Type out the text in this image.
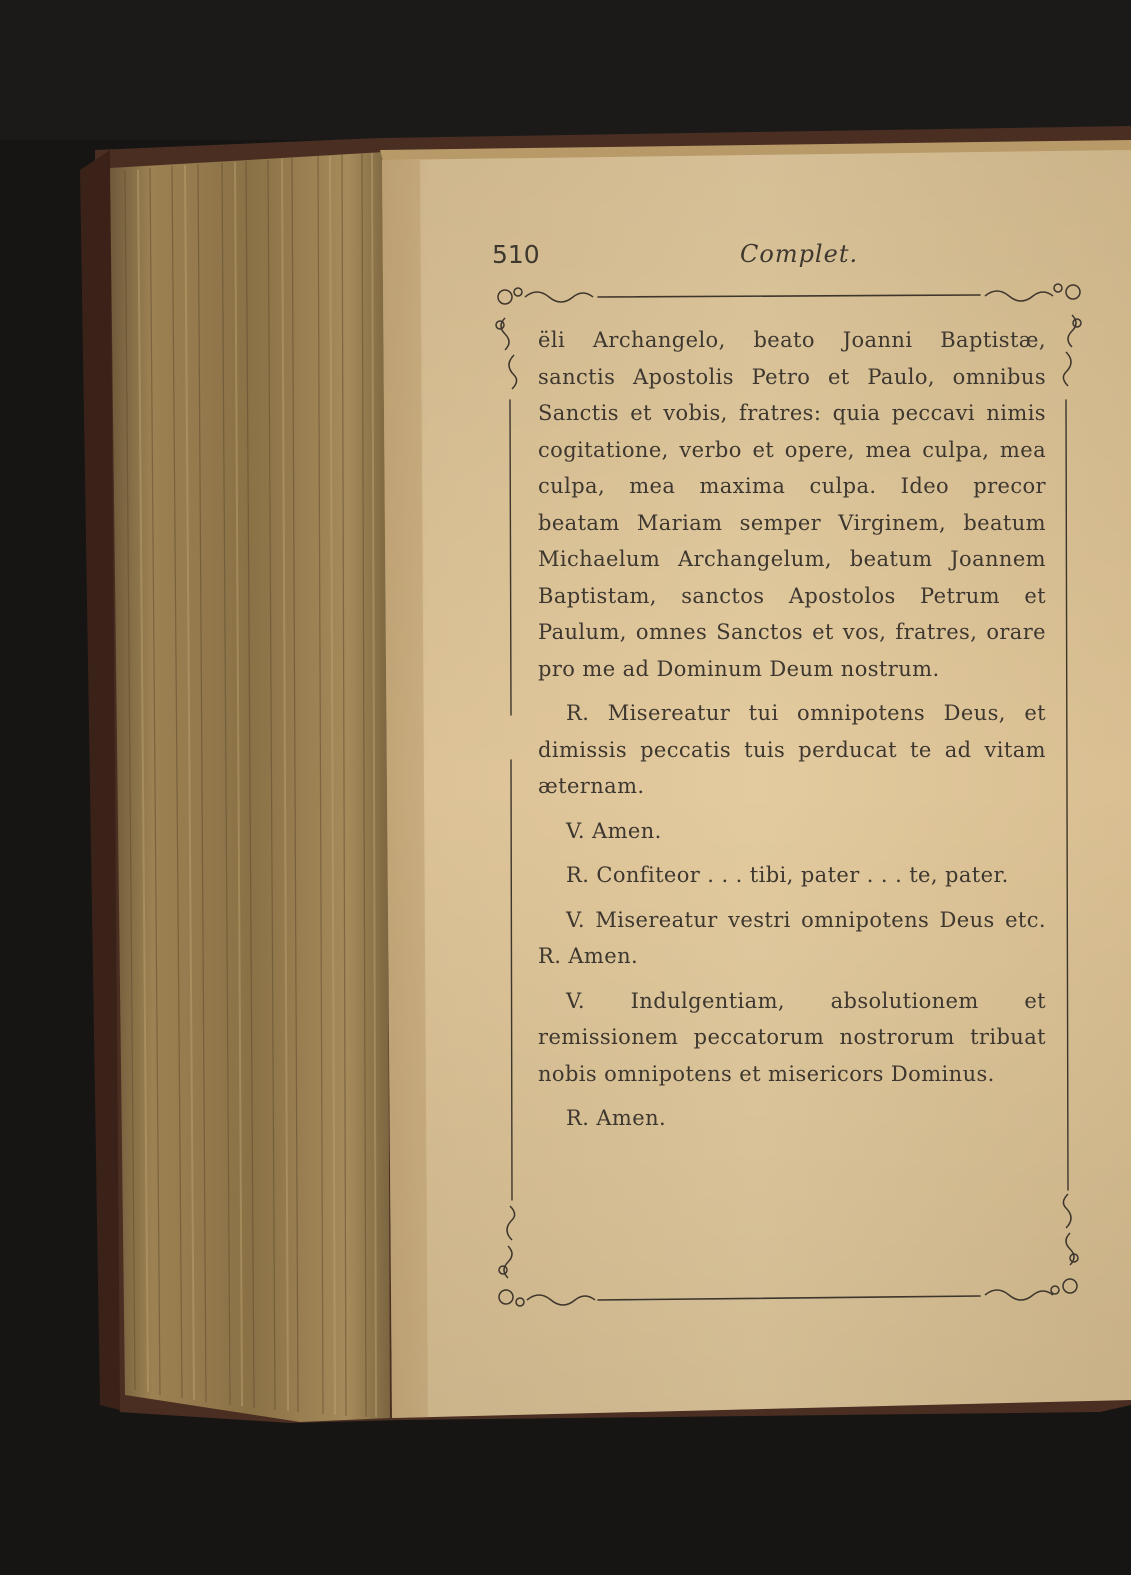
510	Complet.

ëli Archangelo, beato Joanni Baptistæ, sanctis Apostolis Petro et Paulo, omnibus Sanctis et vobis, fratres: quia peccavi nimis cogitatione, verbo et opere, mea culpa, mea culpa, mea maxima culpa. Ideo precor beatam Mariam semper Virginem, beatum Michaelum Archangelum, beatum Joannem Baptistam, sanctos Apostolos Petrum et Paulum, omnes Sanctos et vos, fratres, orare pro me ad Dominum Deum nostrum.

R. Misereatur tui omnipotens Deus, et dimissis peccatis tuis perducat te ad vitam æternam.

V. Amen.

R. Confiteor . . . tibi, pater . . . te, pater.

V. Misereatur vestri omnipotens Deus etc. R. Amen.

V. Indulgentiam, absolutionem et remissionem peccatorum nostrorum tribuat nobis omnipotens et misericors Dominus.

R. Amen.
